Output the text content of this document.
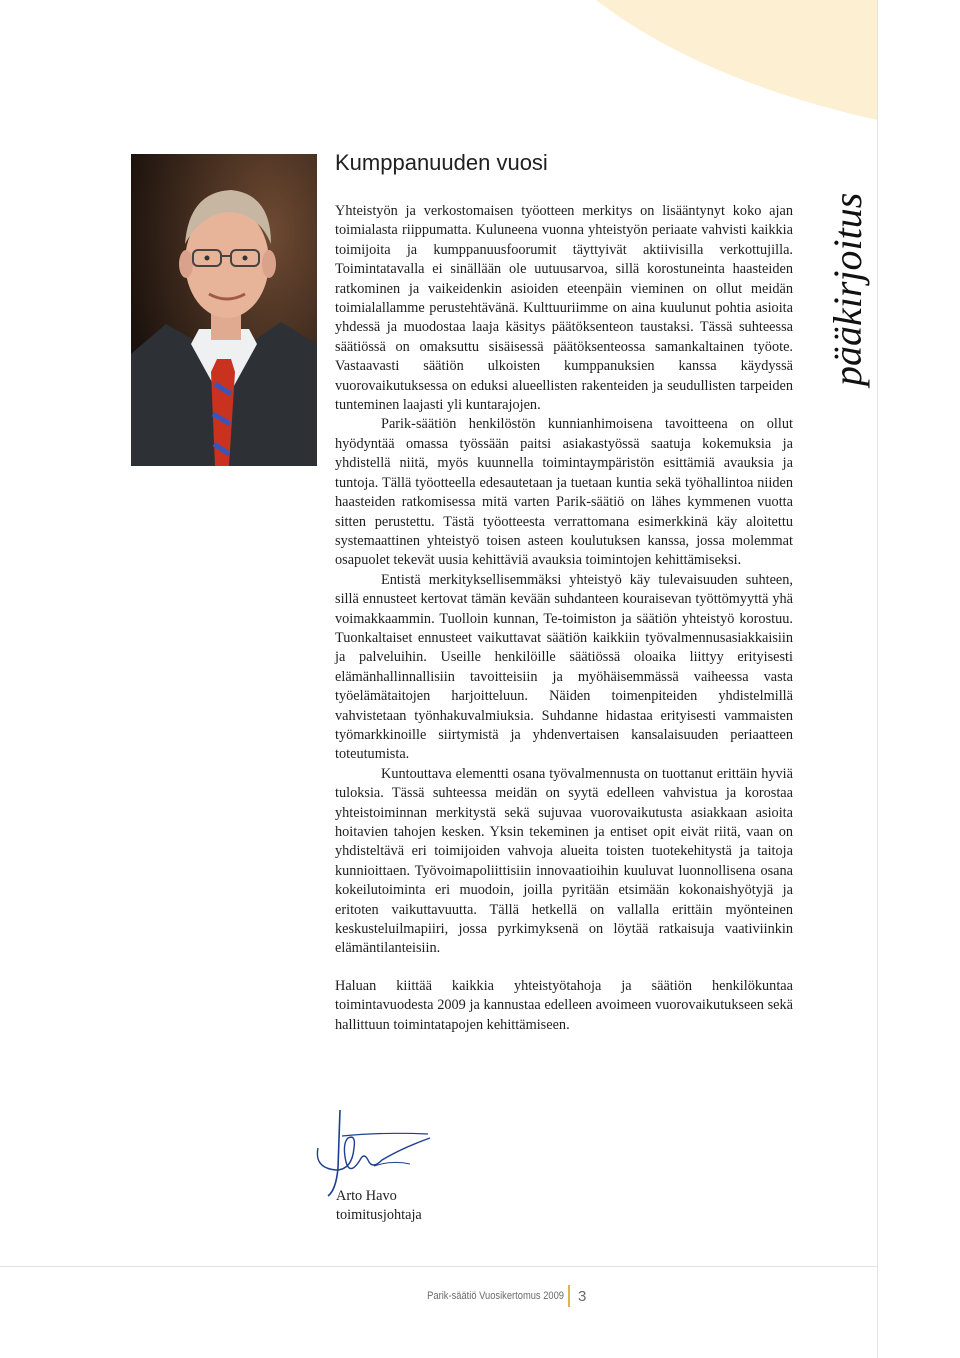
pääkirjoitus
Kumppanuuden vuosi

Yhteistyön ja verkostomaisen työotteen merkitys on lisääntynyt koko ajan toimialasta riippumatta. Kuluneena vuonna yhteistyön periaate vahvisti kaikkia toimijoita ja kumppanuusfoorumit täyttyivät aktiivisilla verkottujilla. Toimintatavalla ei sinällään ole uutuusarvoa, sillä korostuneinta haasteiden ratkominen ja vaikeidenkin asioiden eteenpäin vieminen on ollut meidän toimialallamme perustehtävänä. Kulttuuriimme on aina kuulunut pohtia asioita yhdessä ja muodostaa laaja käsitys päätöksenteon taustaksi. Tässä suhteessa säätiössä on omaksuttu sisäisessä päätöksenteossa samankaltainen työote. Vastaavasti säätiön ulkoisten kumppanuksien kanssa käydyssä vuorovaikutuksessa on eduksi alueellisten rakenteiden ja seudullisten tarpeiden tunteminen laajasti yli kuntarajojen.

Parik-säätiön henkilöstön kunnianhimoisena tavoitteena on ollut hyödyntää omassa työssään paitsi asiakastyössä saatuja kokemuksia ja yhdistellä niitä, myös kuunnella toimintaympäristön esittämiä avauksia ja tuntoja. Tällä työotteella edesautetaan ja tuetaan kuntia sekä työhallintoa niiden haasteiden ratkomisessa mitä varten Parik-säätiö on lähes kymmenen vuotta sitten perustettu. Tästä työotteesta verrattomana esimerkkinä käy aloitettu systemaattinen yhteistyö toisen asteen koulutuksen kanssa, jossa molemmat osapuolet tekevät uusia kehittäviä avauksia toimintojen kehittämiseksi.

Entistä merkityksellisemmäksi yhteistyö käy tulevaisuuden suhteen, sillä ennusteet kertovat tämän kevään suhdanteen kouraisevan työttömyyttä yhä voimakkaammin. Tuolloin kunnan, Te-toimiston ja säätiön yhteistyö korostuu. Tuonkaltaiset ennusteet vaikuttavat säätiön kaikkiin työvalmennusasiakkaisiin ja palveluihin. Useille henkilöille säätiössä oloaika liittyy erityisesti elämänhallinnallisiin tavoitteisiin ja myöhäisemmässä vaiheessa vasta työelämätaitojen harjoitteluun. Näiden toimenpiteiden yhdistelmillä vahvistetaan työnhakuvalmiuksia. Suhdanne hidastaa erityisesti vammaisten työmarkkinoille siirtymistä ja yhdenvertaisen kansalaisuuden periaatteen toteutumista.

Kuntouttava elementti osana työvalmennusta on tuottanut erittäin hyviä tuloksia. Tässä suhteessa meidän on syytä edelleen vahvistua ja korostaa yhteistoiminnan merkitystä sekä sujuvaa vuorovaikutusta asiakkaan asioita hoitavien tahojen kesken. Yksin tekeminen ja entiset opit eivät riitä, vaan on yhdisteltävä eri toimijoiden vahvoja alueita toisten tuotekehitystä ja taitoja kunnioittaen. Työvoimapoliittisiin innovaatioihin kuuluvat luonnollisena osana kokeilutoiminta eri muodoin, joilla pyritään etsimään kokonaishyötyjä ja eritoten vaikuttavuutta. Tällä hetkellä on vallalla erittäin myönteinen keskusteluilmapiiri, jossa pyrkimyksenä on löytää ratkaisuja vaativiinkin elämäntilanteisiin.

Haluan kiittää kaikkia yhteistyötahoja ja säätiön henkilökuntaa toimintavuodesta 2009 ja kannustaa edelleen avoimeen vuorovaikutukseen sekä hallittuun toimintatapojen kehittämiseen.

Arto Havo
toimitusjohtaja
Parik-säätiö Vuosikertomus 2009 3
